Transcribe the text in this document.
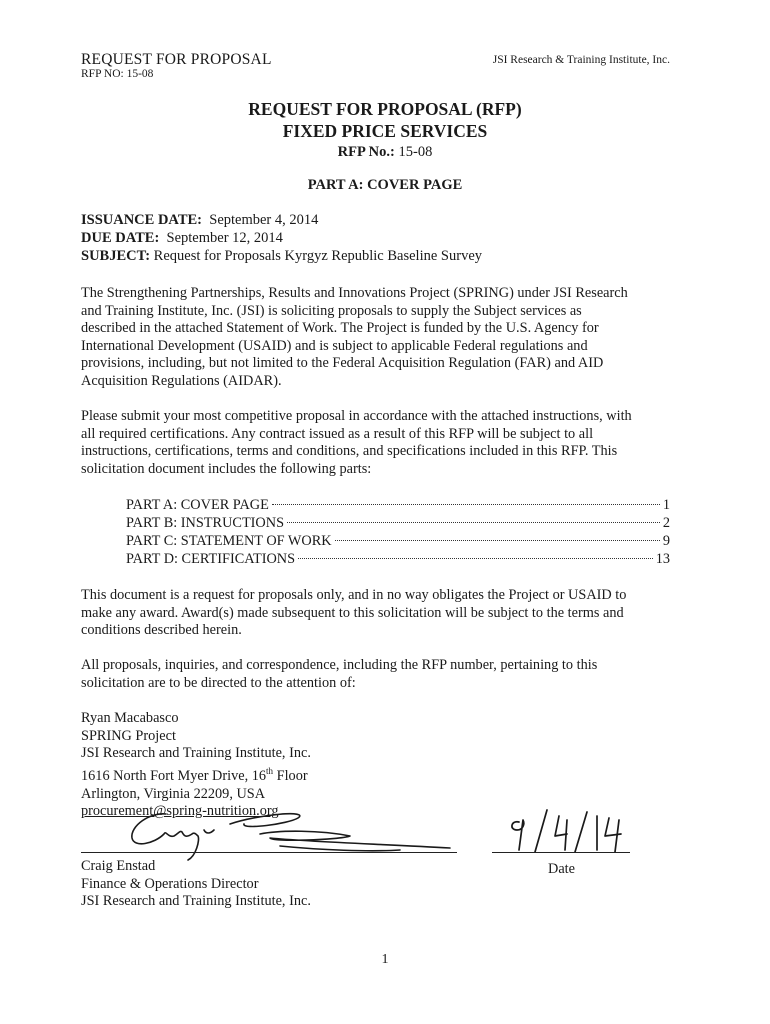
REQUEST FOR PROPOSAL
RFP NO: 15-08
JSI Research & Training Institute, Inc.
REQUEST FOR PROPOSAL (RFP)
FIXED PRICE SERVICES
RFP No.: 15-08
PART A: COVER PAGE
ISSUANCE DATE: September 4, 2014
DUE DATE: September 12, 2014
SUBJECT: Request for Proposals Kyrgyz Republic Baseline Survey
The Strengthening Partnerships, Results and Innovations Project (SPRING) under JSI Research
and Training Institute, Inc. (JSI) is soliciting proposals to supply the Subject services as
described in the attached Statement of Work. The Project is funded by the U.S. Agency for
International Development (USAID) and is subject to applicable Federal regulations and
provisions, including, but not limited to the Federal Acquisition Regulation (FAR) and AID
Acquisition Regulations (AIDAR).
Please submit your most competitive proposal in accordance with the attached instructions, with
all required certifications. Any contract issued as a result of this RFP will be subject to all
instructions, certifications, terms and conditions, and specifications included in this RFP. This
solicitation document includes the following parts:
PART A: COVER PAGE	1
PART B: INSTRUCTIONS	2
PART C: STATEMENT OF WORK	9
PART D: CERTIFICATIONS	13
This document is a request for proposals only, and in no way obligates the Project or USAID to
make any award. Award(s) made subsequent to this solicitation will be subject to the terms and
conditions described herein.
All proposals, inquiries, and correspondence, including the RFP number, pertaining to this
solicitation are to be directed to the attention of:
Ryan Macabasco
SPRING Project
JSI Research and Training Institute, Inc.
1616 North Fort Myer Drive, 16th Floor
Arlington, Virginia 22209, USA
procurement@spring-nutrition.org
Craig Enstad
Finance & Operations Director
JSI Research and Training Institute, Inc.
Date
1
